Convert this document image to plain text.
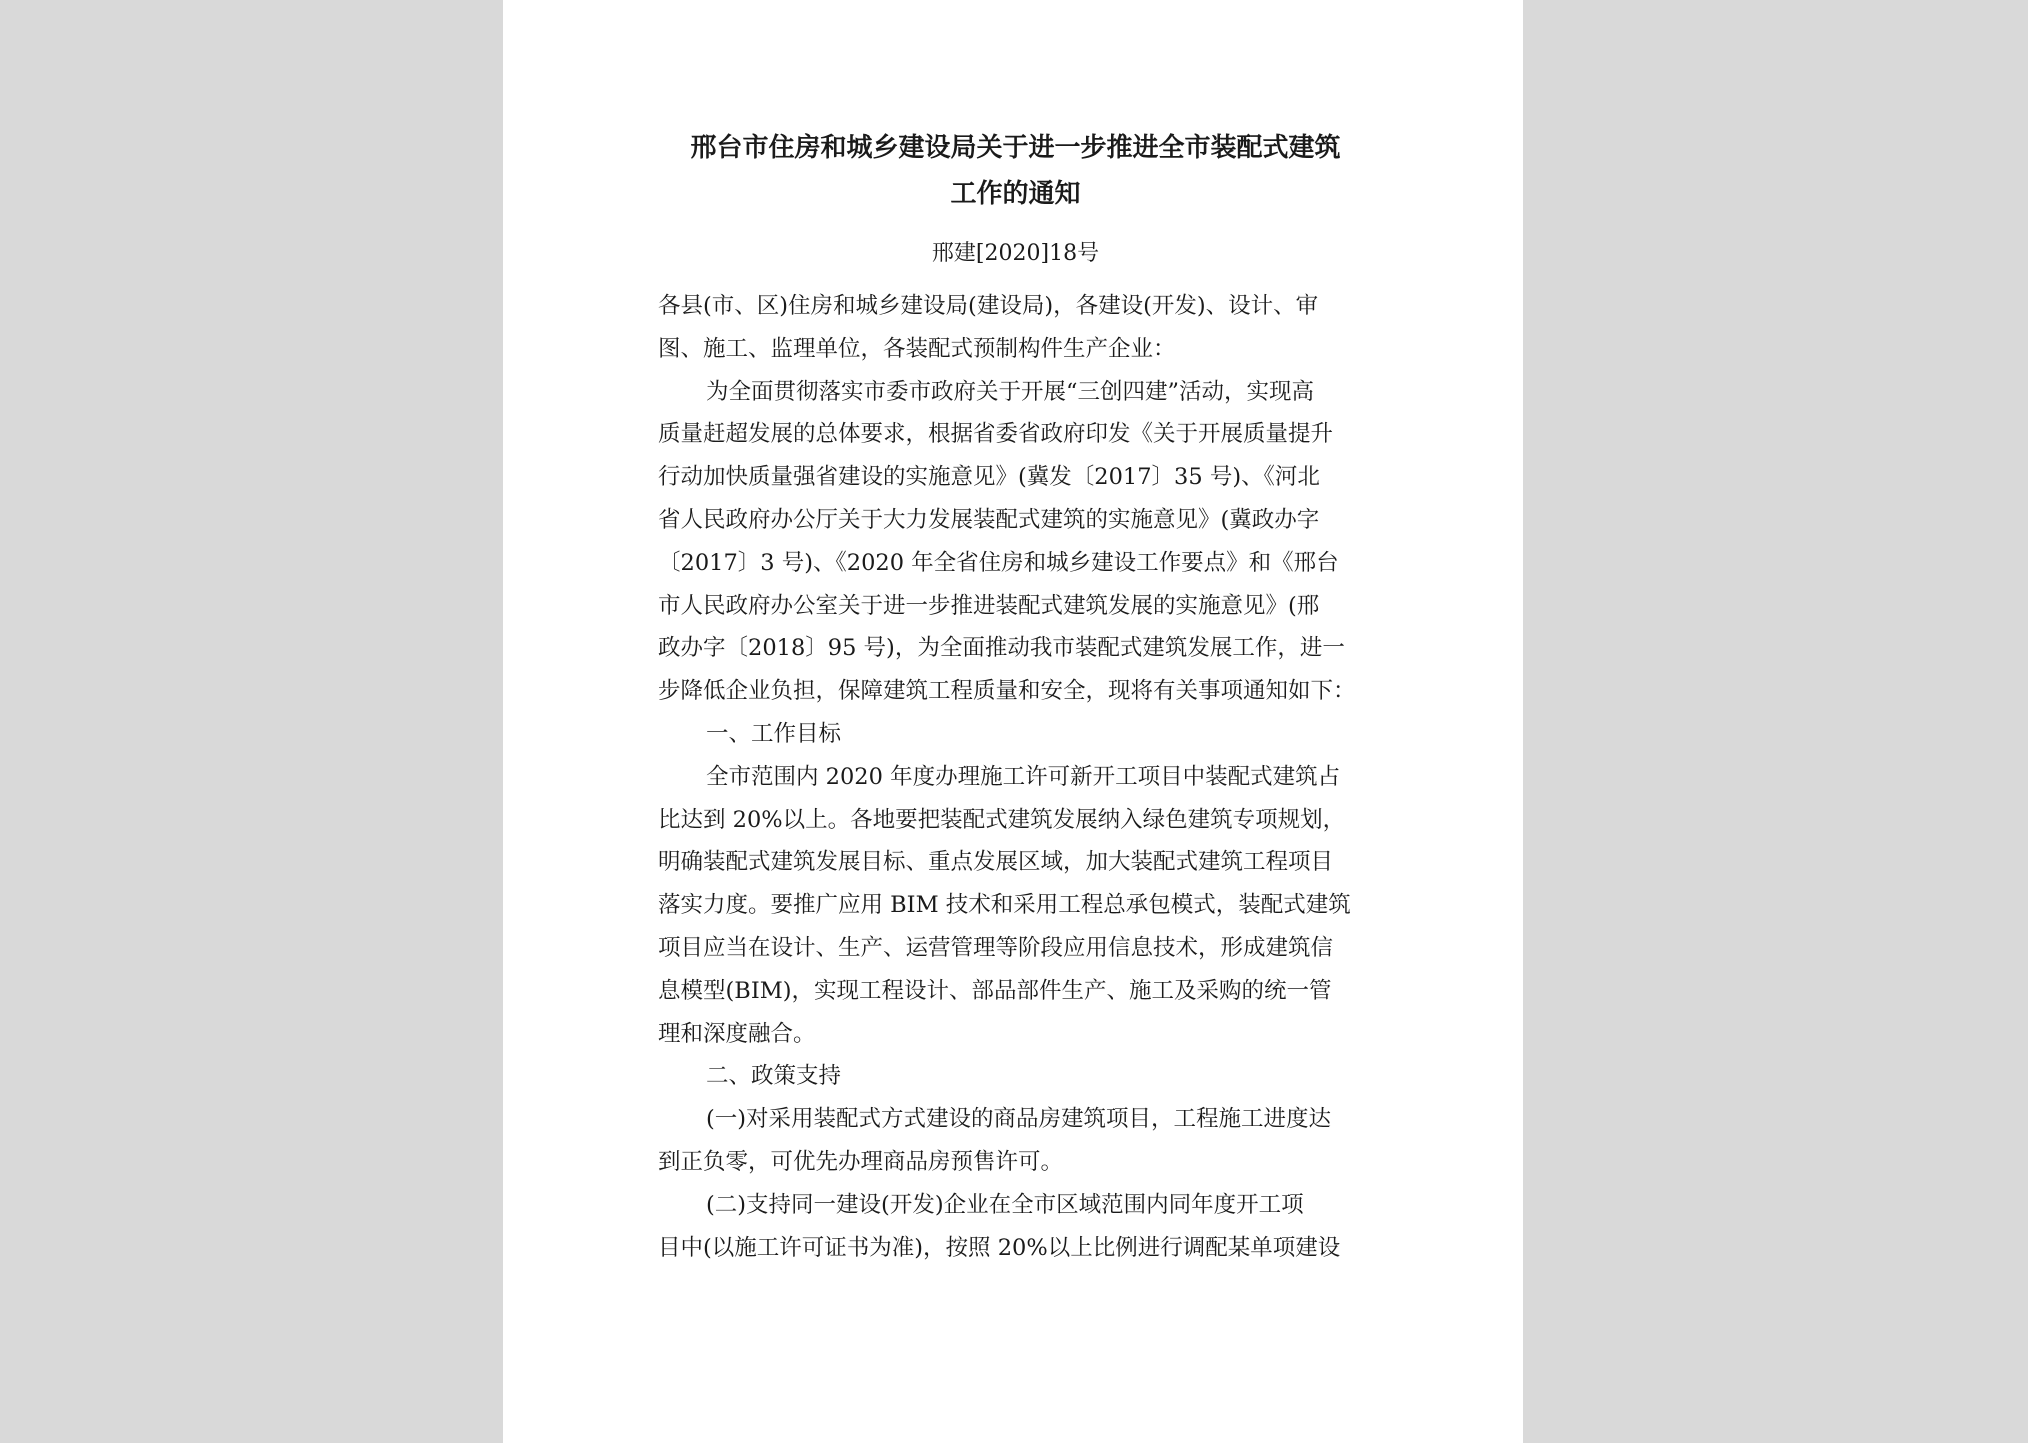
邢台市住房和城乡建设局关于进一步推进全市装配式建筑
工作的通知
邢建[2020]18号

各县(市、区)住房和城乡建设局(建设局)，各建设(开发)、设计、审
图、施工、监理单位，各装配式预制构件生产企业：

为全面贯彻落实市委市政府关于开展“三创四建”活动，实现高
质量赶超发展的总体要求，根据省委省政府印发《关于开展质量提升
行动加快质量强省建设的实施意见》(冀发〔2017〕35 号)、《河北
省人民政府办公厅关于大力发展装配式建筑的实施意见》(冀政办字
〔2017〕3 号)、《2020 年全省住房和城乡建设工作要点》和《邢台
市人民政府办公室关于进一步推进装配式建筑发展的实施意见》(邢
政办字〔2018〕95 号)，为全面推动我市装配式建筑发展工作，进一
步降低企业负担，保障建筑工程质量和安全，现将有关事项通知如下：

一、工作目标

全市范围内 2020 年度办理施工许可新开工项目中装配式建筑占
比达到 20%以上。各地要把装配式建筑发展纳入绿色建筑专项规划，
明确装配式建筑发展目标、重点发展区域，加大装配式建筑工程项目
落实力度。要推广应用 BIM 技术和采用工程总承包模式，装配式建筑
项目应当在设计、生产、运营管理等阶段应用信息技术，形成建筑信
息模型(BIM)，实现工程设计、部品部件生产、施工及采购的统一管
理和深度融合。

二、政策支持

(一)对采用装配式方式建设的商品房建筑项目，工程施工进度达
到正负零，可优先办理商品房预售许可。

(二)支持同一建设(开发)企业在全市区域范围内同年度开工项
目中(以施工许可证书为准)，按照 20%以上比例进行调配某单项建设
